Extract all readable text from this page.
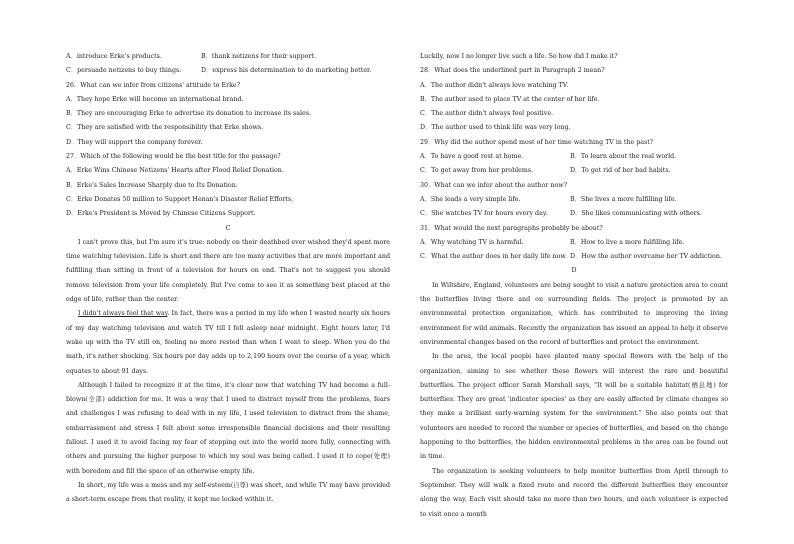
A．introduce Erke's products.	B．thank netizens for their support.
C．persuade netizens to buy things.	D．express his determination to do marketing better.
26．What can we infer from citizens' attitude to Erke?
A．They hope Erke will become an international brand.
B．They are encouraging Erke to advertise its donation to increase its sales.
C．They are satisfied with the responsibility that Erke shows.
D．They will support the company forever.
27．Which of the following would be the best title for the passage?
A．Erke Wins Chinese Netizens' Hearts after Flood Relief Donation.
B．Erke's Sales Increase Sharply due to Its Donation.
C．Erke Donates 50 million to Support Henan's Disaster Relief Efforts,
D．Erke's President is Moved by Chinese Citizens Support.
C
I can't prove this, but I'm sure it's true: nobody on their deathbed ever wished they'd spent more time watching television. Life is short and there are too many activities that are more important and fulfilling than sitting in front of a television for hours on end. That's not to suggest you should remove television from your life completely. But I've come to see it as something best placed at the edge of life, rather than the center.
I didn't always feel that way. In fact, there was a period in my life when I wasted nearly six hours of my day watching television and watch TV till I fell asleep near midnight. Eight hours later, I'd wake up with the TV still on, feeling no more rested than when I went to sleep. When you do the math, it's rather shocking. Six hours per day adds up to 2,190 hours over the course of a year, which equates to about 91 days.
Although I failed to recognize it at the time, it's clear now that watching TV had become a full-blown(全部) addiction for me. It was a way that I used to distract myself from the problems, fears and challenges I was refusing to deal with in my life, I used television to distract from the shame, embarrassment and stress I felt about some irresponsible financial decisions and their resulting fallout. I used it to avoid facing my fear of stepping out into the world more fully, connecting with others and pursuing the higher purpose to which my soul was being called. I used it to cope(处理) with boredom and fill the space of an otherwise empty life.
In short, my life was a mess and my self-esteem(自尊) was short, and while TV may have provided a short-term escape from that reality, it kept me locked within it.
Luckily, now I no longer live such a life. So how did I make it?
28．What does the underlined part in Paragraph 2 mean?
A．The author didn't always love watching TV.
B．The author used to place TV at the center of her life.
C．The author didn't always feel positive.
D．The author used to think life was very long.
29．Why did the author spend most of her time watching TV in the past?
A．To have a good rest at home.	B．To learn about the real world.
C．To get away from her problems.	D．To get rid of her bad habits.
30．What can we infer about the author now?
A．She leads a very simple life.	B．She lives a more fulfilling life.
C．She watches TV for hours every day.	D．She likes communicating with others.
31．What would the next paragraphs probably be about?
A．Why watching TV is harmful.	B．How to live a more fulfilling life.
C．What the author does in her daily life now. D．How the author overcame her TV addiction.
D
In Wiltshire, England, volunteers are being sought to visit a nature protection area to count the butterflies living there and on surrounding fields. The project is promoted by an environmental protection organization, which has contributed to improving the living environment for wild animals. Recently the organization has issued an appeal to help it observe environmental changes based on the record of butterflies and protect the environment.
In the area, the local people have planted many special flowers with the help of the organization, aiming to see whether these flowers will interest the rare and beautiful butterflies. The project officer Sarah Marshall says, "It will be a suitable habitat(栖息地) for butterflies. They are great 'indicator species' as they are easily affected by climate changes so they make a brilliant early-warning system for the environment." She also points out that volunteers are needed to record the number or species of butterflies, and based on the change happening to the butterflies, the hidden environmental problems in the area can be found out in time.
The organization is seeking volunteers to help monitor butterflies from April through to September. They will walk a fixed route and record the different butterflies they encounter along the way. Each visit should take no more than two hours, and each volunteer is expected to visit once a month
